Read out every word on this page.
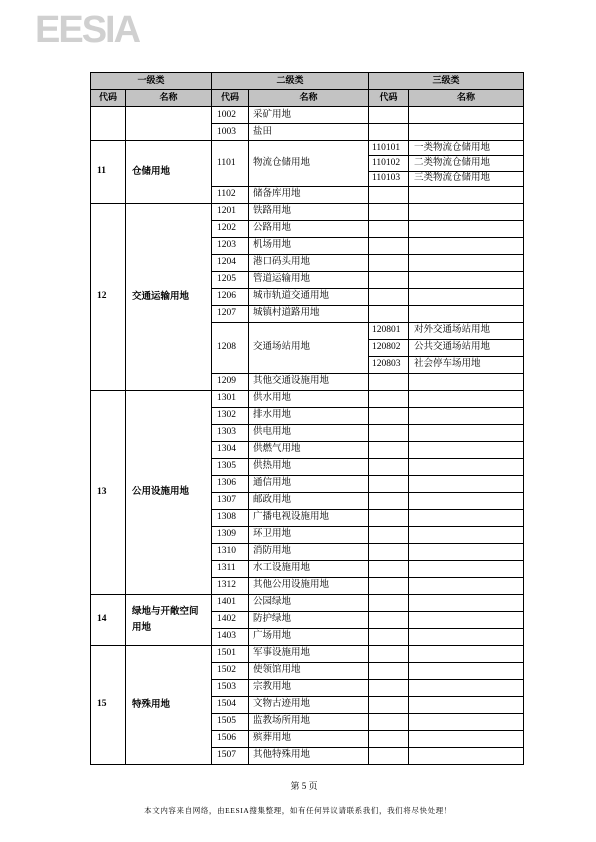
EESIA
一级类		二级类		三级类	
代码	名称	代码	名称	代码	名称
		1002	采矿用地		
		1003	盐田		
11	仓储用地	1101	物流仓储用地	110101	一类物流仓储用地
				110102	二类物流仓储用地
				110103	三类物流仓储用地
		1102	储备库用地		
12	交通运输用地	1201	铁路用地		
		1202	公路用地		
		1203	机场用地		
		1204	港口码头用地		
		1205	管道运输用地		
		1206	城市轨道交通用地		
		1207	城镇村道路用地		
		1208	交通场站用地	120801	对外交通场站用地
				120802	公共交通场站用地
				120803	社会停车场用地
		1209	其他交通设施用地		
13	公用设施用地	1301	供水用地		
		1302	排水用地		
		1303	供电用地		
		1304	供燃气用地		
		1305	供热用地		
		1306	通信用地		
		1307	邮政用地		
		1308	广播电视设施用地		
		1309	环卫用地		
		1310	消防用地		
		1311	水工设施用地		
		1312	其他公用设施用地		
14	绿地与开敞空间用地	1401	公园绿地		
		1402	防护绿地		
		1403	广场用地		
15	特殊用地	1501	军事设施用地		
		1502	使领馆用地		
		1503	宗教用地		
		1504	文物古迹用地		
		1505	监教场所用地		
		1506	殡葬用地		
		1507	其他特殊用地		
第 5 页
本文内容来自网络，由EESIA搜集整理，如有任何异议请联系我们，我们将尽快处理！
